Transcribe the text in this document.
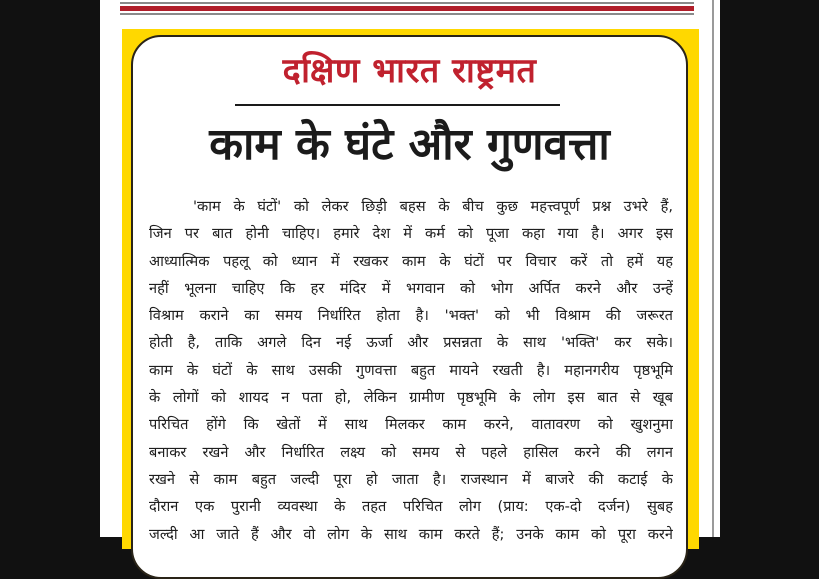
दक्षिण भारत राष्ट्रमत
काम के घंटे और गुणवत्ता
'काम के घंटों' को लेकर छिड़ी बहस के बीच कुछ महत्त्वपूर्ण प्रश्न उभरे हैं,
जिन पर बात होनी चाहिए। हमारे देश में कर्म को पूजा कहा गया है। अगर इस
आध्यात्मिक पहलू को ध्यान में रखकर काम के घंटों पर विचार करें तो हमें यह
नहीं भूलना चाहिए कि हर मंदिर में भगवान को भोग अर्पित करने और उन्हें
विश्राम कराने का समय निर्धारित होता है। 'भक्त' को भी विश्राम की जरूरत
होती है, ताकि अगले दिन नई ऊर्जा और प्रसन्नता के साथ 'भक्ति' कर सके।
काम के घंटों के साथ उसकी गुणवत्ता बहुत मायने रखती है। महानगरीय पृष्ठभूमि
के लोगों को शायद न पता हो, लेकिन ग्रामीण पृष्ठभूमि के लोग इस बात से खूब
परिचित होंगे कि खेतों में साथ मिलकर काम करने, वातावरण को खुशनुमा
बनाकर रखने और निर्धारित लक्ष्य को समय से पहले हासिल करने की लगन
रखने से काम बहुत जल्दी पूरा हो जाता है। राजस्थान में बाजरे की कटाई के
दौरान एक पुरानी व्यवस्था के तहत परिचित लोग (प्राय: एक-दो दर्जन) सुबह
जल्दी आ जाते हैं और वो लोग के साथ काम करते हैं; उनके काम को पूरा करने
